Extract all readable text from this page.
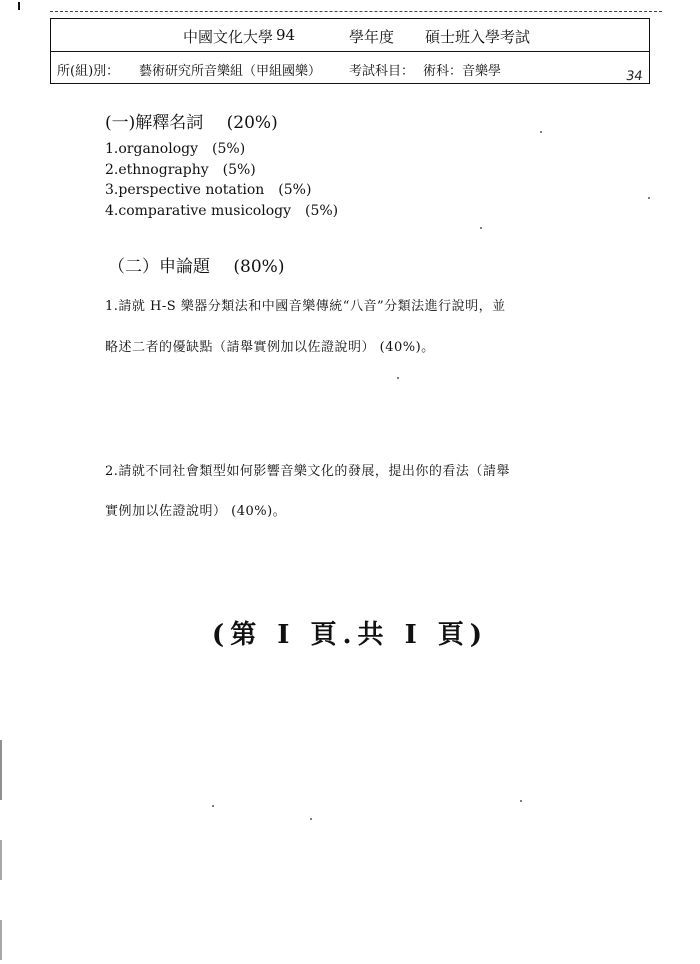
中國文化大學 94	學年度 碩士班入學考試
所(組)別： 藝術研究所音樂組（甲組國樂） 考試科目： 術科：音樂學	34
(一)解釋名詞 (20%)
1.organology (5%)
2.ethnography (5%)
3.perspective notation (5%)
4.comparative musicology (5%)
（二）申論題 (80%)
1.請就 H-S 樂器分類法和中國音樂傳統“八音”分類法進行說明，並
略述二者的優缺點（請舉實例加以佐證說明） (40%)。
2.請就不同社會類型如何影響音樂文化的發展，提出你的看法（請舉
實例加以佐證說明） (40%)。
(第 Ⅰ 頁.共 Ⅰ 頁)
